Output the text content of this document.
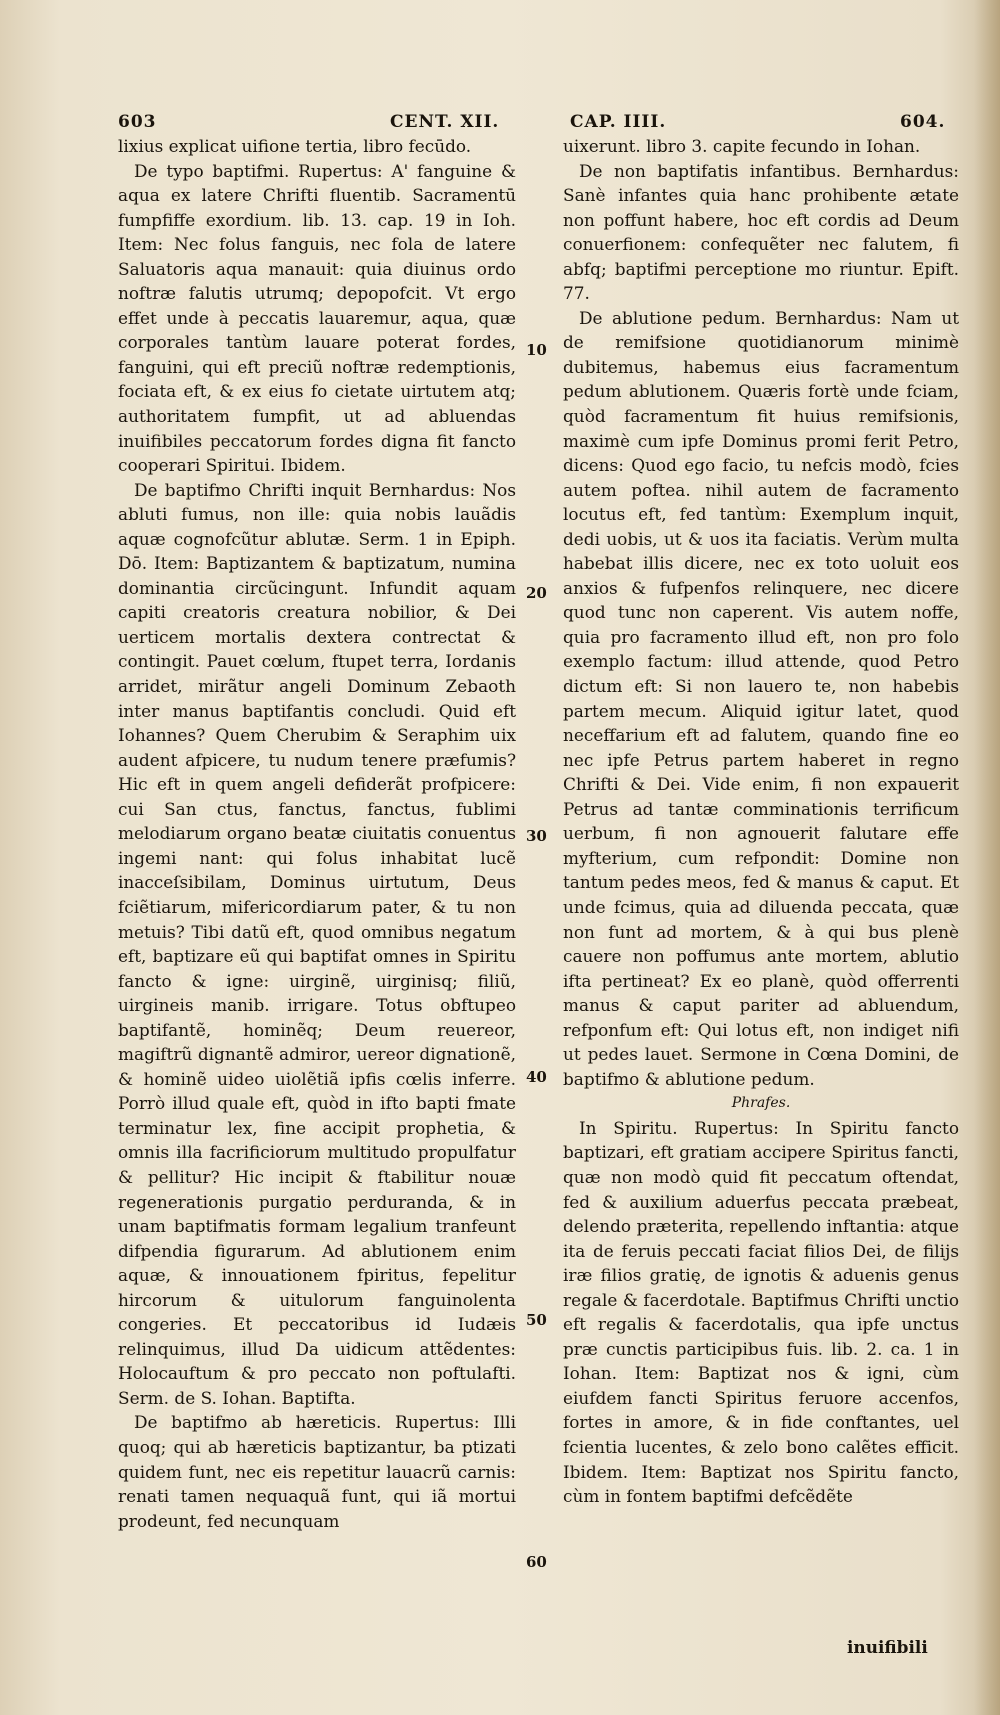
603	CENT. XII.	CAP. IIII.	604.

lixius explicat uifione tertia, libro fecūdo.

De typo baptifmi. Rupertus: A' fanguine & aqua ex latere Chrifti fluentib. Sacramentū fumpfiffe exordium. lib. 13. cap. 19 in Ioh. Item: Nec folus fanguis, nec fola de latere Saluatoris aqua manauit: quia diuinus ordo noftræ falutis utrumq; depopofcit. Vt ergo effet unde à peccatis lauaremur, aqua, quæ corporales tantùm lauare poterat fordes, fanguini, qui eft preciũ noftræ redemptionis, fociata eft, & ex eius fo cietate uirtutem atq; authoritatem fumpfit, ut ad abluendas inuifibiles peccatorum fordes digna fit fancto cooperari Spiritui. Ibidem.

De baptifmo Chrifti inquit Bernhardus: Nos abluti fumus, non ille: quia nobis lauãdis aquæ cognofcũtur ablutæ. Serm. 1 in Epiph. Dō. Item: Baptizantem & baptizatum, numina dominantia circũcingunt. Infundit aquam capiti creatoris creatura nobilior, & Dei uerticem mortalis dextera contrectat & contingit. Pauet cœlum, ftupet terra, Iordanis arridet, mirãtur angeli Dominum Zebaoth inter manus baptifantis concludi. Quid eft Iohannes? Quem Cherubim & Seraphim uix audent afpicere, tu nudum tenere præfumis? Hic eft in quem angeli defiderãt profpicere: cui San ctus, fanctus, fanctus, fublimi melodiarum organo beatæ ciuitatis conuentus ingemi nant: qui folus inhabitat lucẽ inacceſsibilam, Dominus uirtutum, Deus fciẽtiarum, mifericordiarum pater, & tu non metuis? Tibi datũ eft, quod omnibus negatum eft, baptizare eũ qui baptifat omnes in Spiritu fancto & igne: uirginẽ, uirginisq; filiũ, uirgineis manib. irrigare. Totus obftupeo baptifantẽ, hominẽq; Deum reuereor, magiftrũ dignantẽ admiror, uereor dignationẽ, & hominẽ uideo uiolẽtiã ipfis cœlis inferre. Porrò illud quale eft, quòd in ifto bapti fmate terminatur lex, fine accipit prophetia, & omnis illa facrificiorum multitudo propulfatur & pellitur? Hic incipit & ftabilitur nouæ regenerationis purgatio perduranda, & in unam baptifmatis formam legalium tranfeunt difpendia figurarum. Ad ablutionem enim aquæ, & innouationem fpiritus, fepelitur hircorum & uitulorum fanguinolenta congeries. Et peccatoribus id Iudæis relinquimus, illud Da uidicum attẽdentes: Holocauftum & pro peccato non poftulafti. Serm. de S. Iohan. Baptifta.

De baptifmo ab hæreticis. Rupertus: Illi quoq; qui ab hæreticis baptizantur, ba ptizati quidem funt, nec eis repetitur lauacrũ carnis: renati tamen nequaquã funt, qui iã mortui prodeunt, fed necunquam

10
20
30
40
50
60

uixerunt. libro 3. capite fecundo in Iohan.

De non baptifatis infantibus. Bernhardus: Sanè infantes quia hanc prohibente ætate non poffunt habere, hoc eft cordis ad Deum conuerfionem: confequẽter nec falutem, fi abfq; baptifmi perceptione mo riuntur. Epift. 77.

De ablutione pedum. Bernhardus: Nam ut de remifsione quotidianorum minimè dubitemus, habemus eius facramentum pedum ablutionem. Quæris fortè unde fciam, quòd facramentum fit huius remifsionis, maximè cum ipfe Dominus promi ferit Petro, dicens: Quod ego facio, tu nefcis modò, fcies autem poftea. nihil autem de facramento locutus eft, fed tantùm: Exemplum inquit, dedi uobis, ut & uos ita faciatis. Verùm multa habebat illis dicere, nec ex toto uoluit eos anxios & fufpenfos relinquere, nec dicere quod tunc non caperent. Vis autem noffe, quia pro facramento illud eft, non pro folo exemplo factum: illud attende, quod Petro dictum eft: Si non lauero te, non habebis partem mecum. Aliquid igitur latet, quod neceffarium eft ad falutem, quando fine eo nec ipfe Petrus partem haberet in regno Chrifti & Dei. Vide enim, fi non expauerit Petrus ad tantæ comminationis terrificum uerbum, fi non agnouerit falutare effe myfterium, cum refpondit: Domine non tantum pedes meos, fed & manus & caput. Et unde fcimus, quia ad diluenda peccata, quæ non funt ad mortem, & à qui bus plenè cauere non poffumus ante mortem, ablutio ifta pertineat? Ex eo planè, quòd offerrenti manus & caput pariter ad abluendum, refponfum eft: Qui lotus eft, non indiget nifi ut pedes lauet. Sermone in Cœna Domini, de baptifmo & ablutione pedum.

Phrafes.

In Spiritu. Rupertus: In Spiritu fancto baptizari, eft gratiam accipere Spiritus fancti, quæ non modò quid fit peccatum oftendat, fed & auxilium aduerfus peccata præbeat, delendo præterita, repellendo inftantia: atque ita de feruis peccati faciat filios Dei, de filijs iræ filios gratię, de ignotis & aduenis genus regale & facerdotale. Baptifmus Chrifti unctio eft regalis & facerdotalis, qua ipfe unctus præ cunctis participibus fuis. lib. 2. ca. 1 in Iohan. Item: Baptizat nos & igni, cùm eiufdem fancti Spiritus feruore accenfos, fortes in amore, & in fide conftantes, uel fcientia lucentes, & zelo bono calẽtes efficit. Ibidem. Item: Baptizat nos Spiritu fancto, cùm in fontem baptifmi defcẽdẽte

inuifibili
